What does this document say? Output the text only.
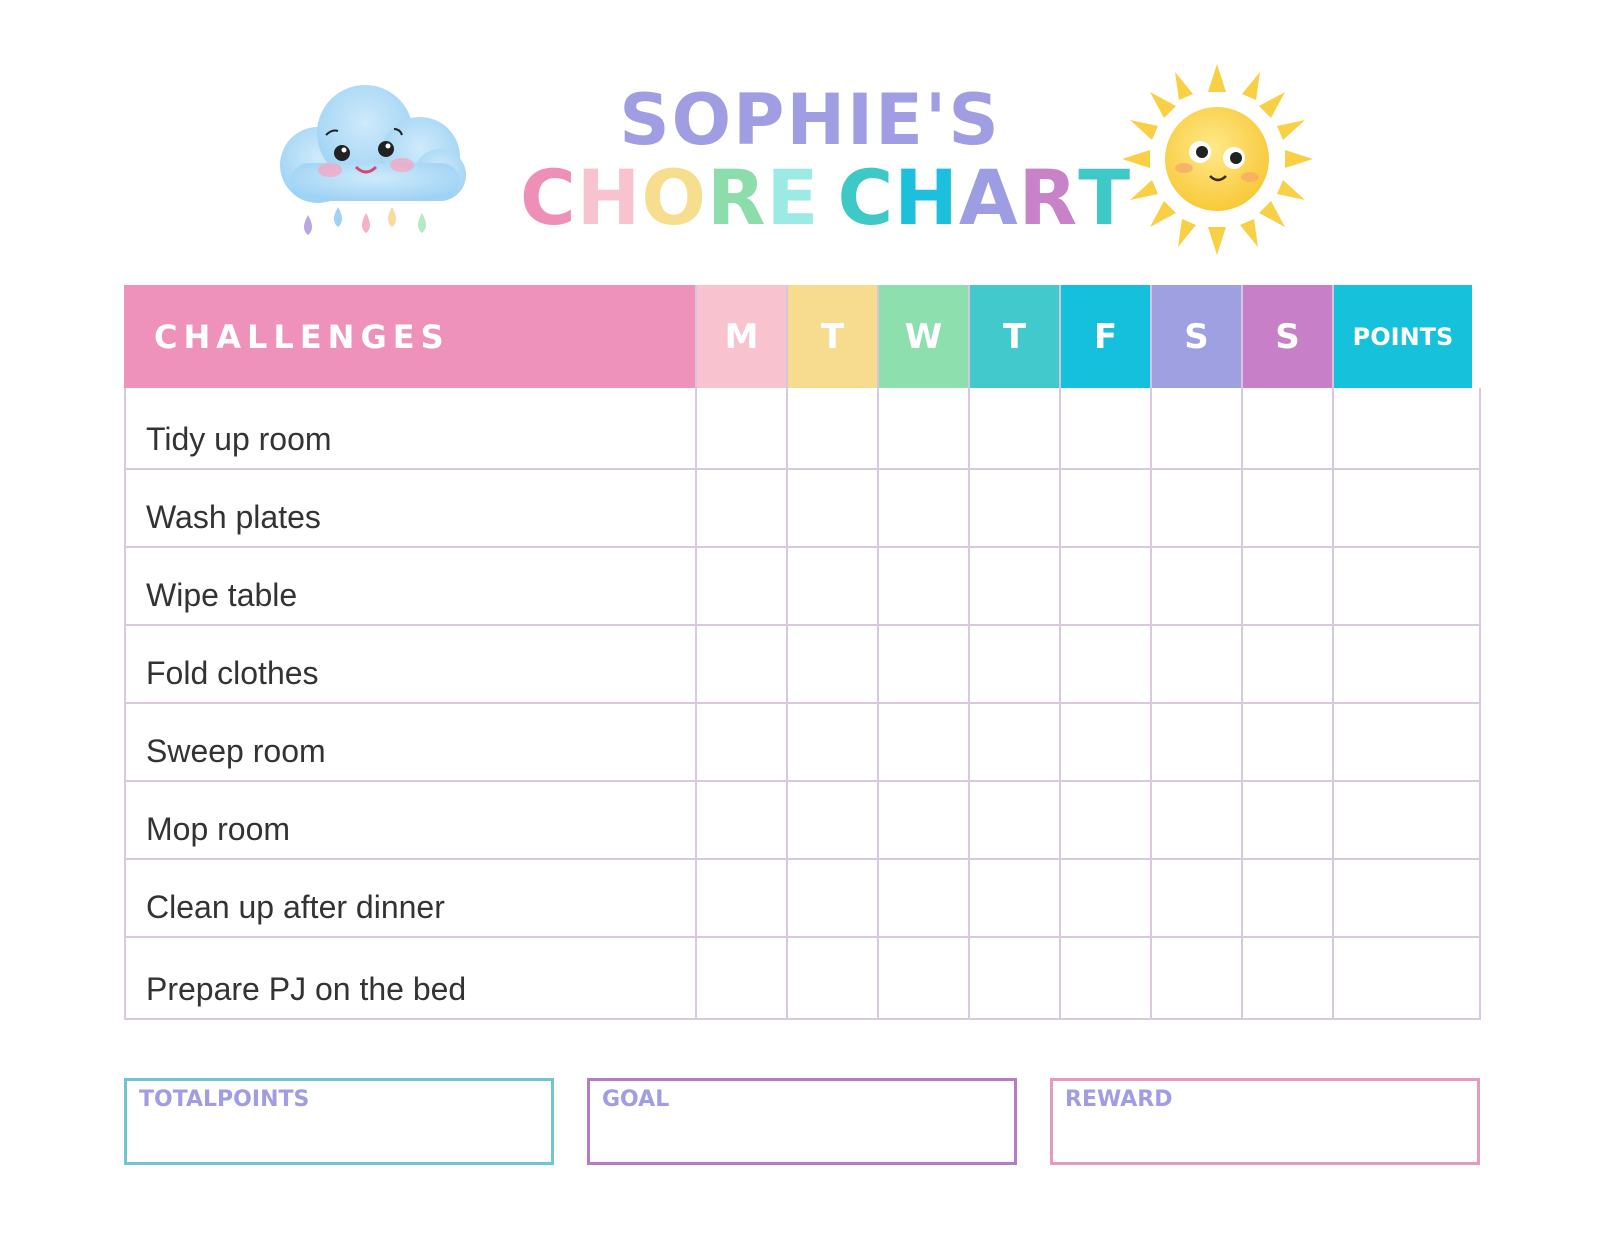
SOPHIE'S
CHORE CHART
CHALLENGES	M	T	W	T	F	S	S	POINTS
Tidy up room
Wash plates
Wipe table
Fold clothes
Sweep room
Mop room
Clean up after dinner
Prepare PJ on the bed
TOTALPOINTS	GOAL	REWARD
